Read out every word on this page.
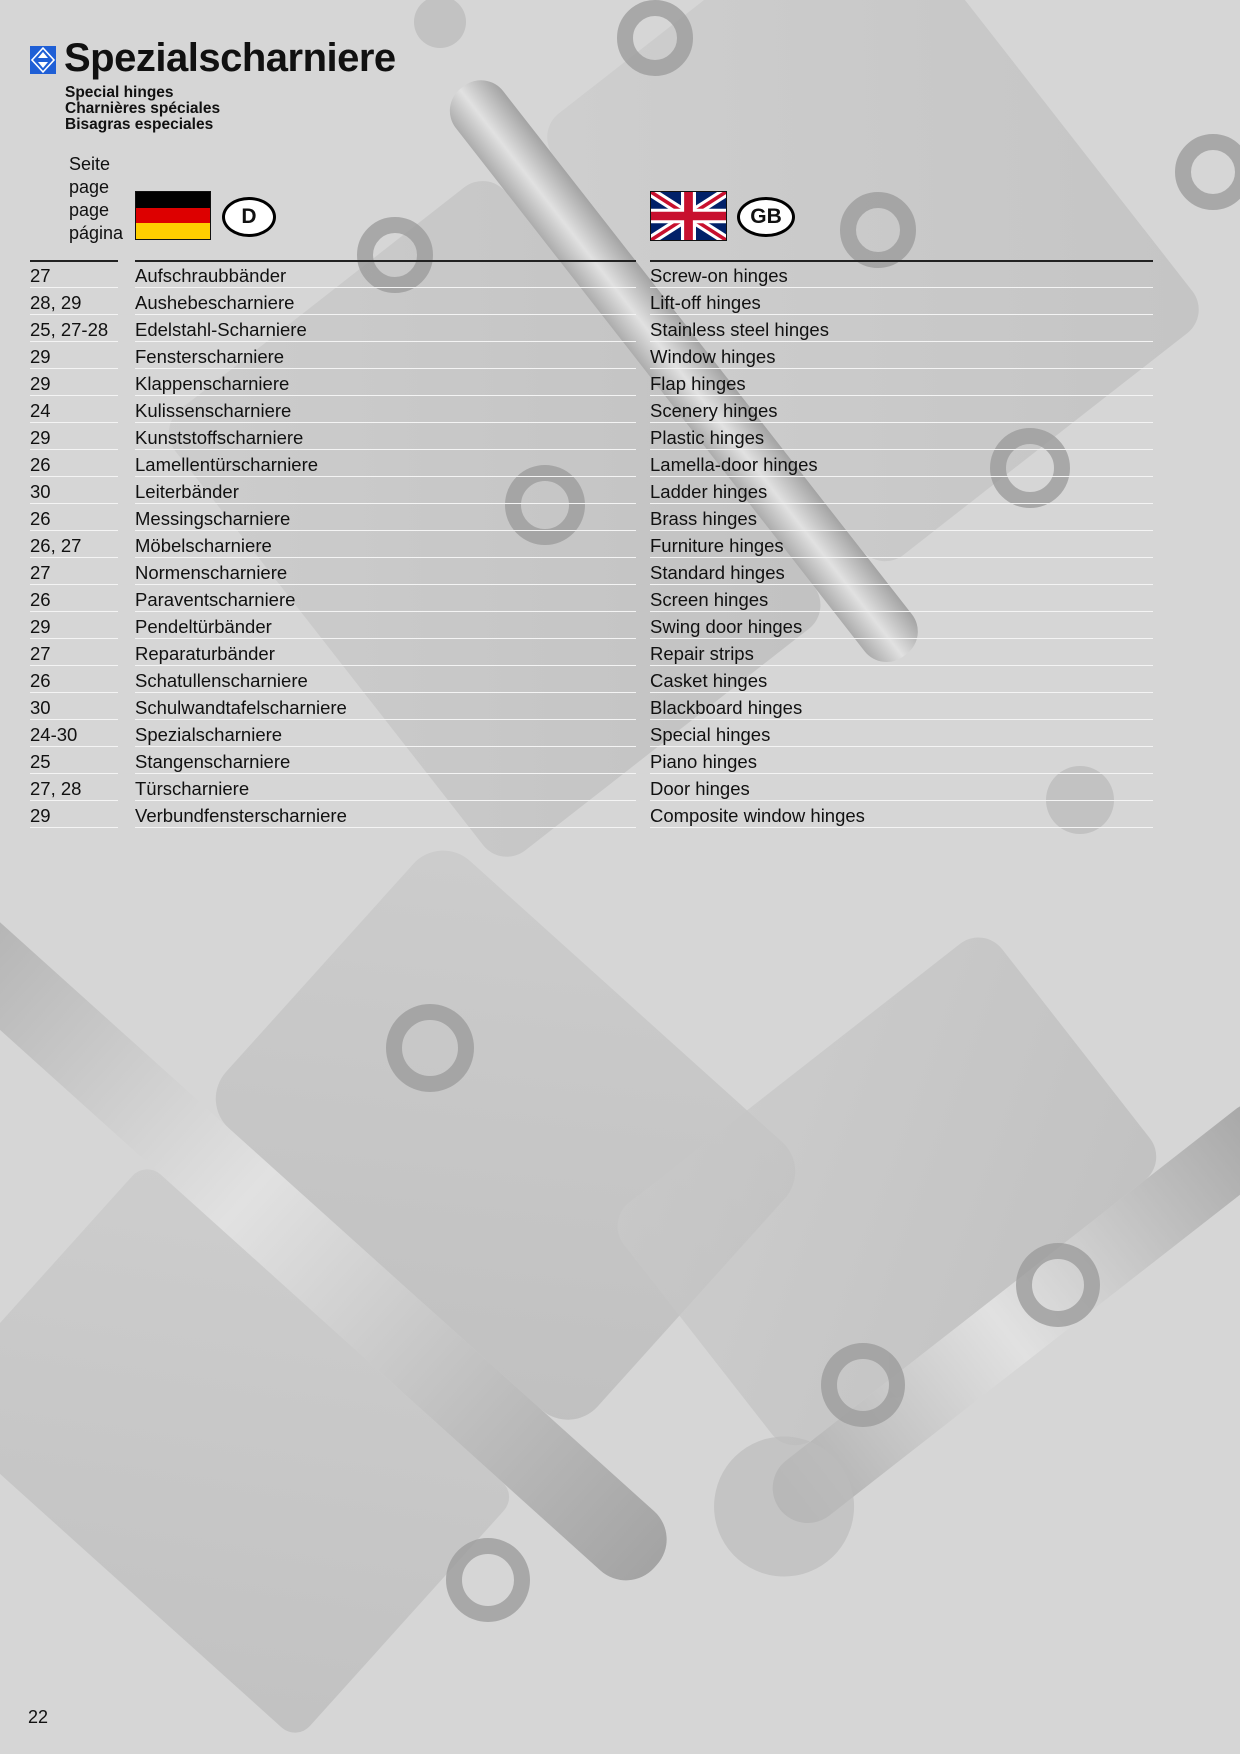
Spezialscharniere
Special hinges
Charnières spéciales
Bisagras especiales
Seite
page
page
página
D	GB
27	Aufschraubbänder	Screw-on hinges
28, 29	Aushebescharniere	Lift-off hinges
25, 27-28	Edelstahl-Scharniere	Stainless steel hinges
29	Fensterscharniere	Window hinges
29	Klappenscharniere	Flap hinges
24	Kulissenscharniere	Scenery hinges
29	Kunststoffscharniere	Plastic hinges
26	Lamellentürscharniere	Lamella-door hinges
30	Leiterbänder	Ladder hinges
26	Messingscharniere	Brass hinges
26, 27	Möbelscharniere	Furniture hinges
27	Normenscharniere	Standard hinges
26	Paraventscharniere	Screen hinges
29	Pendeltürbänder	Swing door hinges
27	Reparaturbänder	Repair strips
26	Schatullenscharniere	Casket hinges
30	Schulwandtafelscharniere	Blackboard hinges
24-30	Spezialscharniere	Special hinges
25	Stangenscharniere	Piano hinges
27, 28	Türscharniere	Door hinges
29	Verbundfensterscharniere	Composite window hinges
22
